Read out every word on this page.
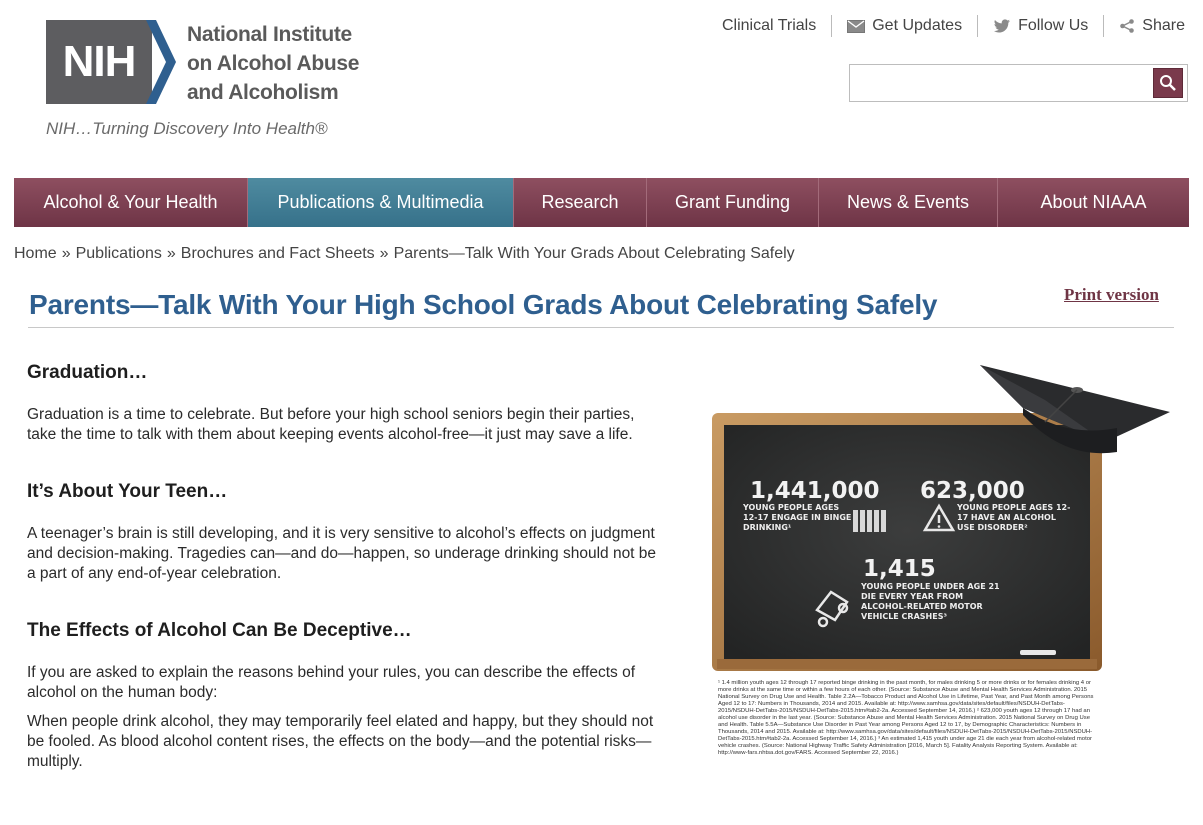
NIH
National Institute
on Alcohol Abuse
and Alcoholism
NIH…Turning Discovery Into Health®
Clinical Trials	Get Updates	Follow Us	Share
Alcohol & Your Health	Publications & Multimedia	Research	Grant Funding	News & Events	About NIAAA
Home » Publications » Brochures and Fact Sheets » Parents—Talk With Your Grads About Celebrating Safely
Parents—Talk With Your High School Grads About Celebrating Safely	Print version
Graduation…

Graduation is a time to celebrate. But before your high school seniors begin their parties, take the time to talk with them about keeping events alcohol-free—it just may save a life.

It’s About Your Teen…

A teenager’s brain is still developing, and it is very sensitive to alcohol’s effects on judgment and decision-making. Tragedies can—and do—happen, so underage drinking should not be a part of any end-of-year celebration.

The Effects of Alcohol Can Be Deceptive…

If you are asked to explain the reasons behind your rules, you can describe the effects of alcohol on the human body:

When people drink alcohol, they may temporarily feel elated and happy, but they should not be fooled. As blood alcohol content rises, the effects on the body—and the potential risks—multiply.

1,441,000
YOUNG PEOPLE AGES 12-17 ENGAGE IN BINGE DRINKING¹
623,000
YOUNG PEOPLE AGES 12-17 HAVE AN ALCOHOL USE DISORDER²
1,415
YOUNG PEOPLE UNDER AGE 21 DIE EVERY YEAR FROM ALCOHOL-RELATED MOTOR VEHICLE CRASHES³
¹ 1.4 million youth ages 12 through 17 reported binge drinking in the past month, for males drinking 5 or more drinks or for females drinking 4 or more drinks at the same time or within a few hours of each other. (Source: Substance Abuse and Mental Health Services Administration. 2015 National Survey on Drug Use and Health. Table 2.2A—Tobacco Product and Alcohol Use in Lifetime, Past Year, and Past Month among Persons Aged 12 to 17: Numbers in Thousands, 2014 and 2015. Available at: http://www.samhsa.gov/data/sites/default/files/NSDUH-DetTabs-2015/NSDUH-DetTabs-2015/NSDUH-DetTabs-2015.htm#tab2-2a. Accessed September 14, 2016.) ² 623,000 youth ages 12 through 17 had an alcohol use disorder in the last year. (Source: Substance Abuse and Mental Health Services Administration. 2015 National Survey on Drug Use and Health. Table 5.5A—Substance Use Disorder in Past Year among Persons Aged 12 to 17, by Demographic Characteristics: Numbers in Thousands, 2014 and 2015. Available at: http://www.samhsa.gov/data/sites/default/files/NSDUH-DetTabs-2015/NSDUH-DetTabs-2015/NSDUH-DetTabs-2015.htm#tab2-2a. Accessed September 14, 2016.) ³ An estimated 1,415 youth under age 21 die each year from alcohol-related motor vehicle crashes. (Source: National Highway Traffic Safety Administration [2016, March 5]. Fatality Analysis Reporting System. Available at: http://www-fars.nhtsa.dot.gov/FARS. Accessed September 22, 2016.)
